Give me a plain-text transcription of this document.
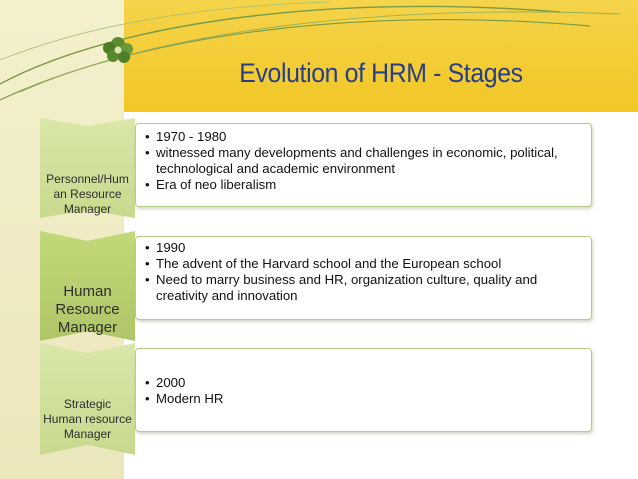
Evolution of HRM - Stages
Personnel/Hum
an Resource
Manager
• 1970 - 1980
• witnessed many developments and challenges in economic, political,
technological and academic environment
• Era of neo liberalism
Human
Resource
Manager
• 1990
• The advent of the Harvard school and the European school
• Need to marry business and HR, organization culture, quality and
creativity and innovation
Strategic
Human resource
Manager
• 2000
• Modern HR
